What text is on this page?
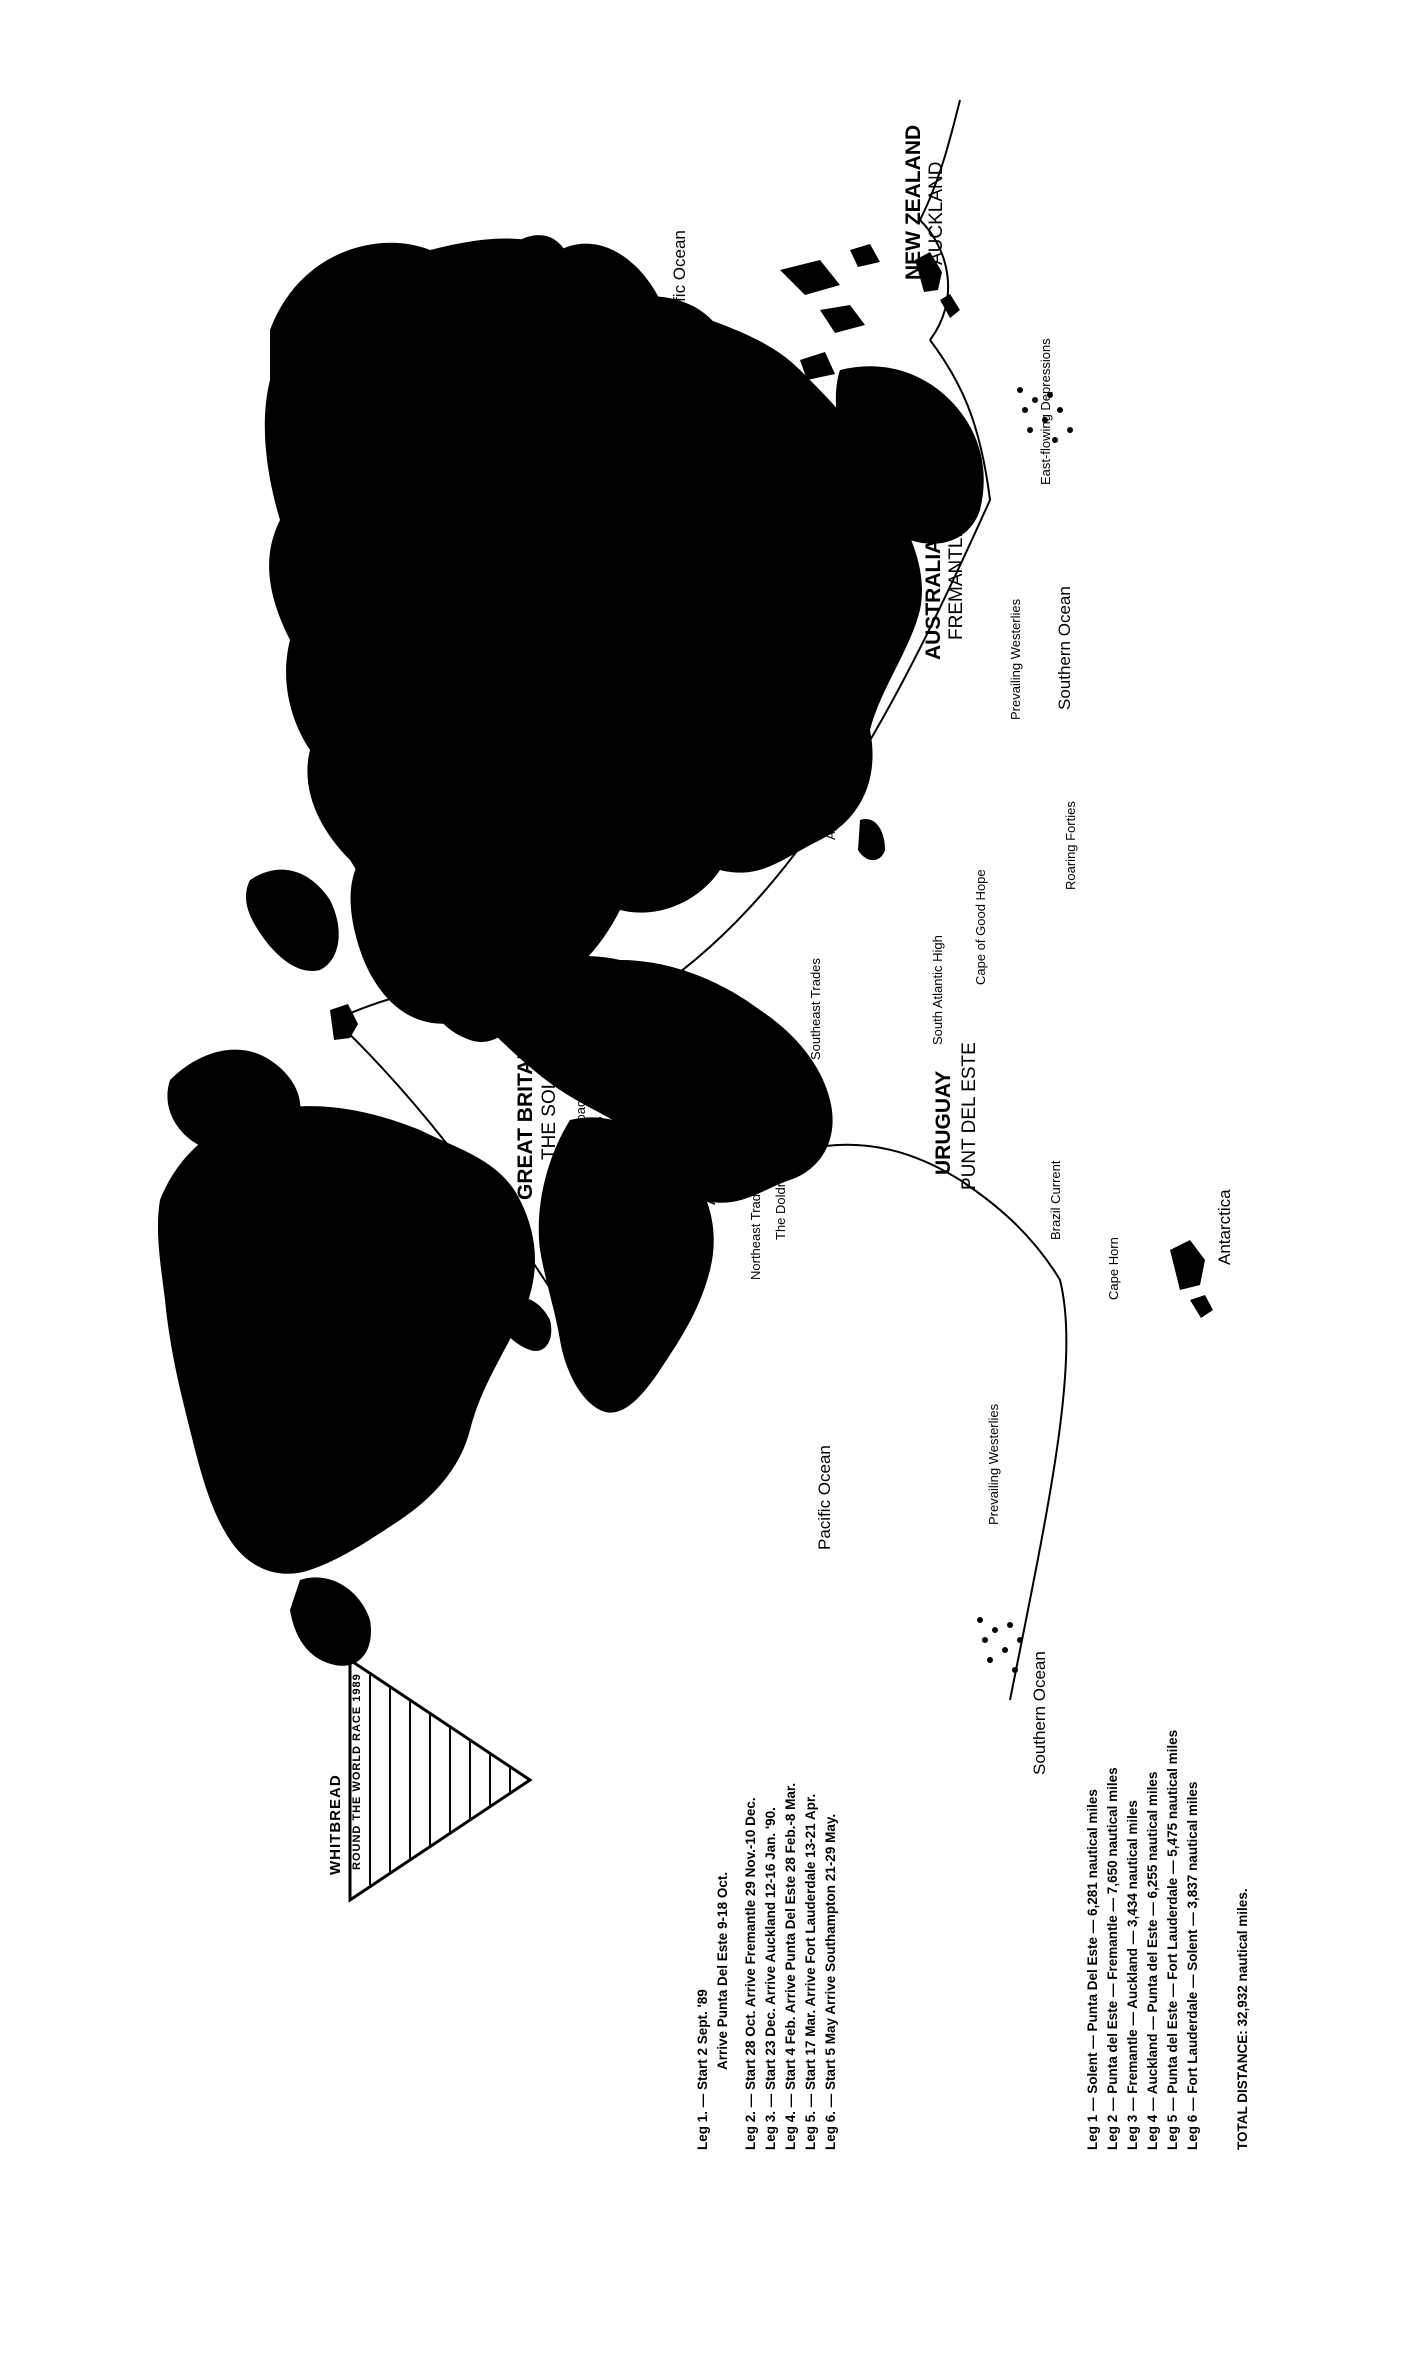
GREAT BRITAIN THE SOLENT
UNITED STATES FORT LAUDERDALE
URUGUAY PUNT DEL ESTE
AUSTRALIA FREMANTLE
NEW ZEALAND AUCKLAND
Pacific Ocean
Pacific Ocean
Atlantic Ocean
Indian Ocean	Southern Ocean
Southern Ocean
Antarctica
Gulf Stream
Western Approaches Azores High
Northeast Trades The Doldrums
Southeast Trades	South Atlantic High
Cape of Good Hope
Agulhas Current
Roaring Forties
Prevailing Westerlies
Prevailing Westerlies
East-flowing Depressions
Brazil Current
Cape Horn
WHITBREAD ROUND THE WORLD RACE 1989
Leg 1. — Start 2 Sept. '89 Arrive Punta Del Este 9-18 Oct. Leg 2. — Start 28 Oct. Arrive Fremantle 29 Nov.-10 Dec. Leg 3. — Start 23 Dec. Arrive Auckland 12-16 Jan. '90. Leg 4. — Start 4 Feb. Arrive Punta Del Este 28 Feb.-8 Mar. Leg 5. — Start 17 Mar. Arrive Fort Lauderdale 13-21 Apr. Leg 6. — Start 5 May Arrive Southampton 21-29 May.	Leg 1 — Solent — Punta Del Este — 6,281 nautical miles Leg 2 — Punta del Este — Fremantle — 7,650 nautical miles Leg 3 — Fremantle — Auckland — 3,434 nautical miles Leg 4 — Auckland — Punta del Este — 6,255 nautical miles Leg 5 — Punta del Este — Fort Lauderdale — 5,475 nautical miles Leg 6 — Fort Lauderdale — Solent — 3,837 nautical miles	TOTAL DISTANCE: 32,932 nautical miles.
